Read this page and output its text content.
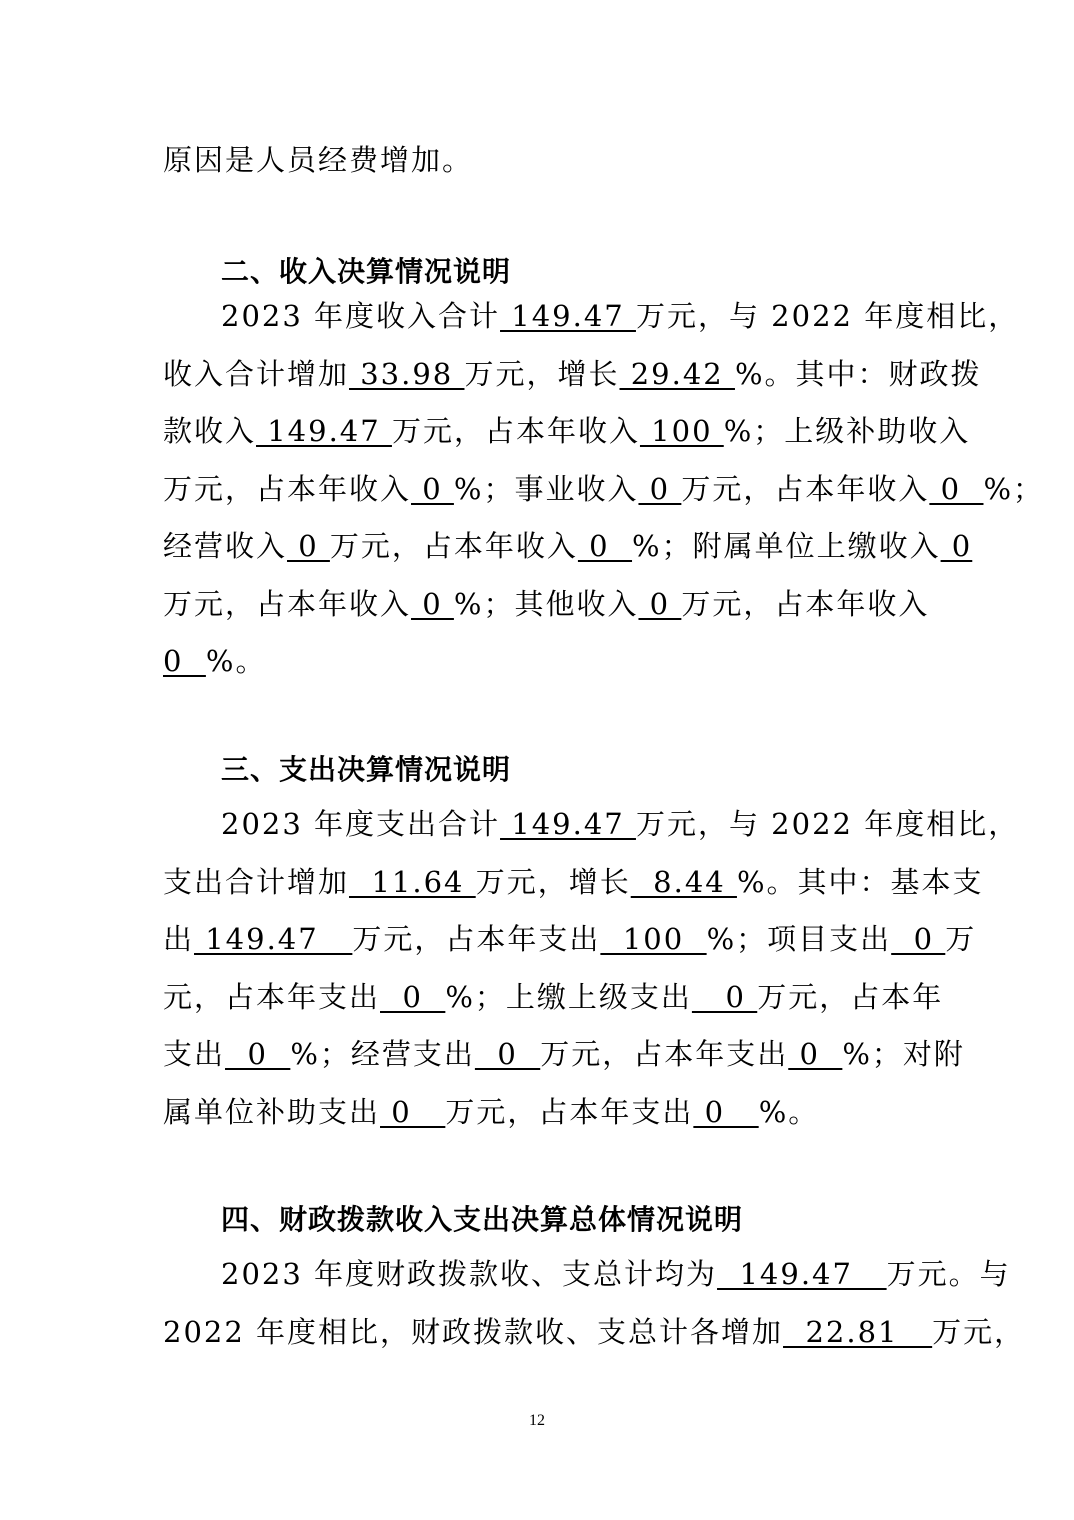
原因是人员经费增加。
二、收入决算情况说明
2023 年度收入合计 149.47 万元，与 2022 年度相比，
收入合计增加 33.98 万元，增长 29.42 %。其中：财政拨
款收入 149.47 万元，占本年收入 100 %；上级补助收入
万元，占本年收入 0 %；事业收入 0 万元，占本年收入 0  %；
经营收入 0 万元，占本年收入 0  %；附属单位上缴收入 0
万元，占本年收入 0 %；其他收入 0 万元，占本年收入
0  %。
三、支出决算情况说明
2023 年度支出合计 149.47 万元，与 2022 年度相比，
支出合计增加  11.64 万元，增长  8.44 %。其中：基本支
出 149.47   万元，占本年支出  100  %；项目支出  0 万
元，占本年支出  0  %；上缴上级支出   0 万元，占本年
支出  0  %；经营支出  0  万元，占本年支出 0  %；对附
属单位补助支出 0   万元，占本年支出 0   %。
四、财政拨款收入支出决算总体情况说明
2023 年度财政拨款收、支总计均为  149.47   万元。与
2022 年度相比，财政拨款收、支总计各增加  22.81   万元，
12
